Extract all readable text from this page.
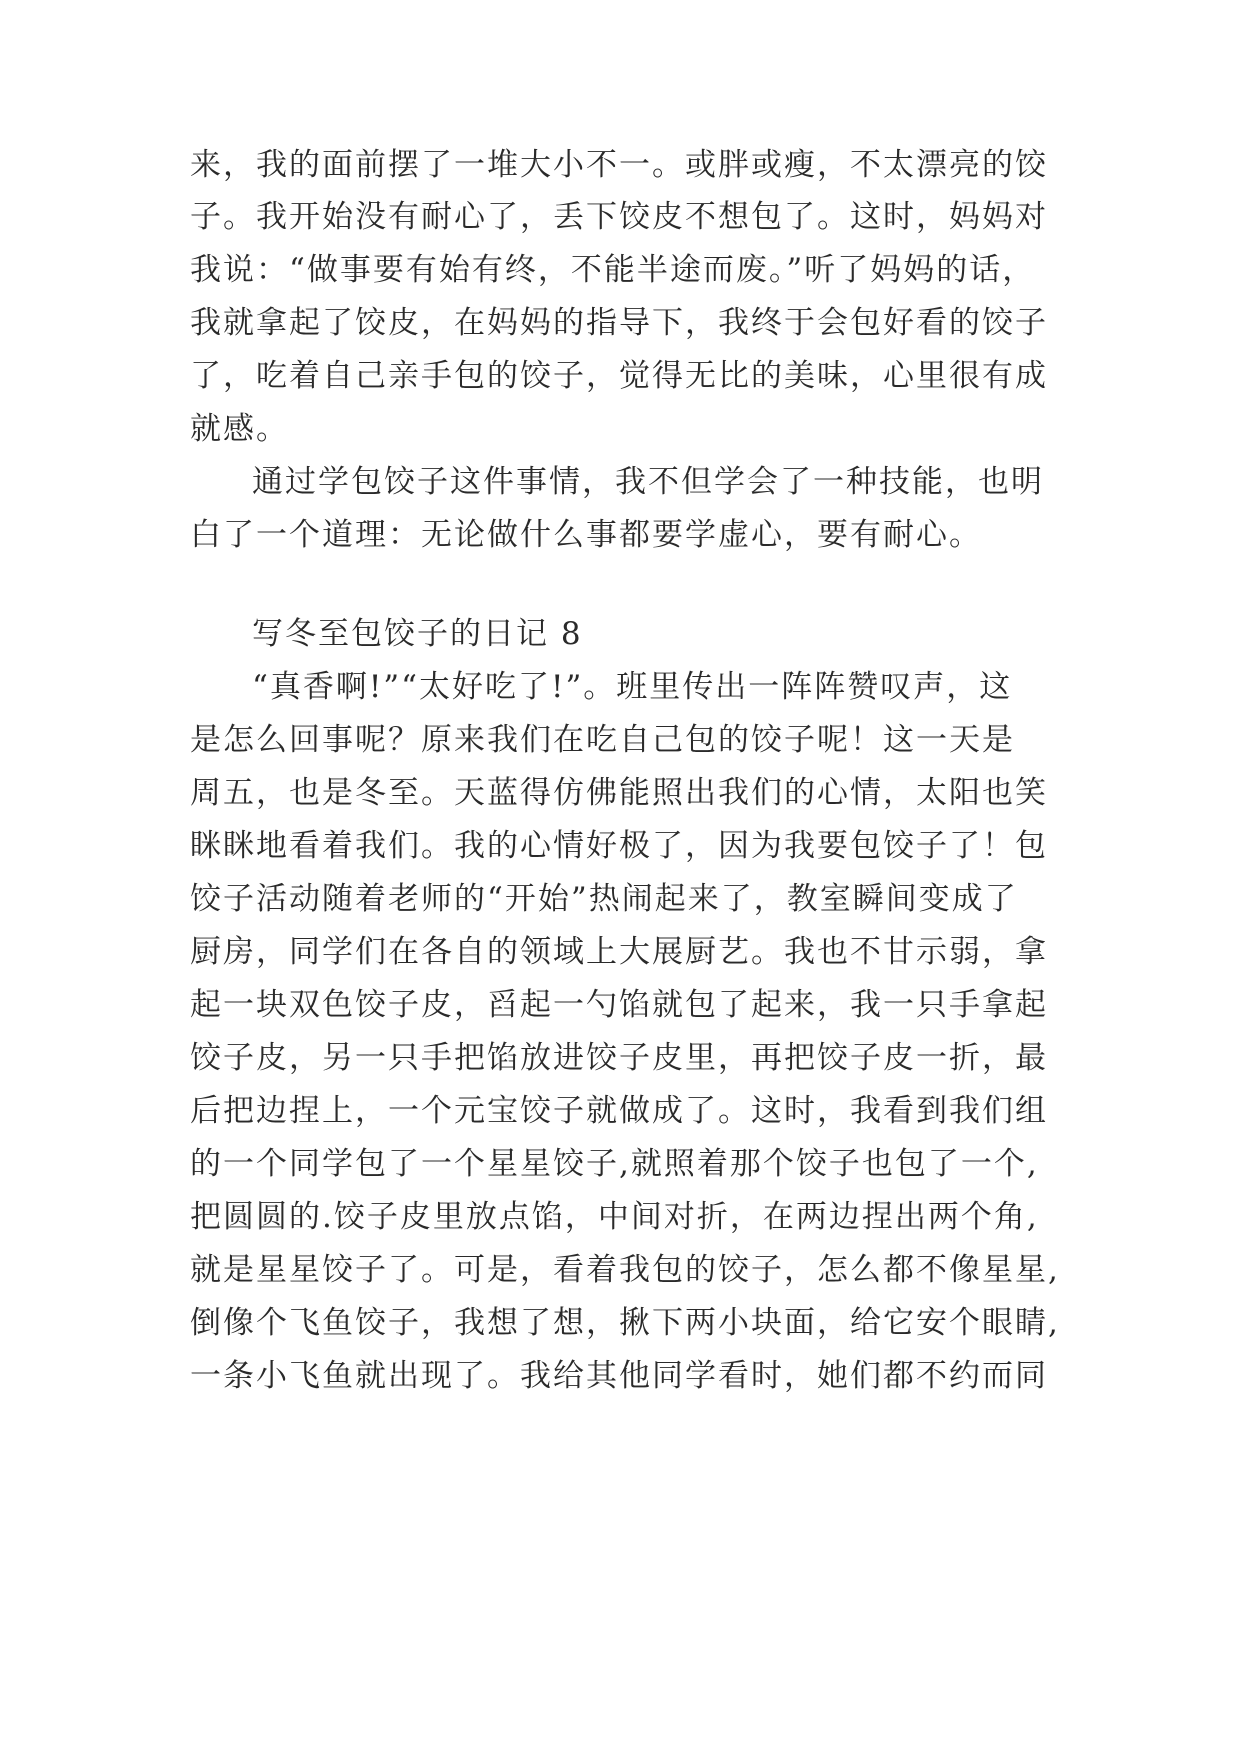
来，我的面前摆了一堆大小不一。或胖或瘦，不太漂亮的饺
子。我开始没有耐心了，丢下饺皮不想包了。这时，妈妈对
我说：“做事要有始有终，不能半途而废。”听了妈妈的话，
我就拿起了饺皮，在妈妈的指导下，我终于会包好看的饺子
了，吃着自己亲手包的饺子，觉得无比的美味，心里很有成
就感。
通过学包饺子这件事情，我不但学会了一种技能，也明
白了一个道理：无论做什么事都要学虚心，要有耐心。
写冬至包饺子的日记 8
“真香啊!”“太好吃了!”。班里传出一阵阵赞叹声，这
是怎么回事呢？原来我们在吃自己包的饺子呢！这一天是
周五，也是冬至。天蓝得仿佛能照出我们的心情，太阳也笑
眯眯地看着我们。我的心情好极了，因为我要包饺子了！包
饺子活动随着老师的“开始”热闹起来了，教室瞬间变成了
厨房，同学们在各自的领域上大展厨艺。我也不甘示弱，拿
起一块双色饺子皮，舀起一勺馅就包了起来，我一只手拿起
饺子皮，另一只手把馅放进饺子皮里，再把饺子皮一折，最
后把边捏上，一个元宝饺子就做成了。这时，我看到我们组
的一个同学包了一个星星饺子,就照着那个饺子也包了一个,
把圆圆的.饺子皮里放点馅，中间对折，在两边捏出两个角,
就是星星饺子了。可是，看着我包的饺子，怎么都不像星星,
倒像个飞鱼饺子，我想了想，揪下两小块面，给它安个眼睛,
一条小飞鱼就出现了。我给其他同学看时，她们都不约而同
